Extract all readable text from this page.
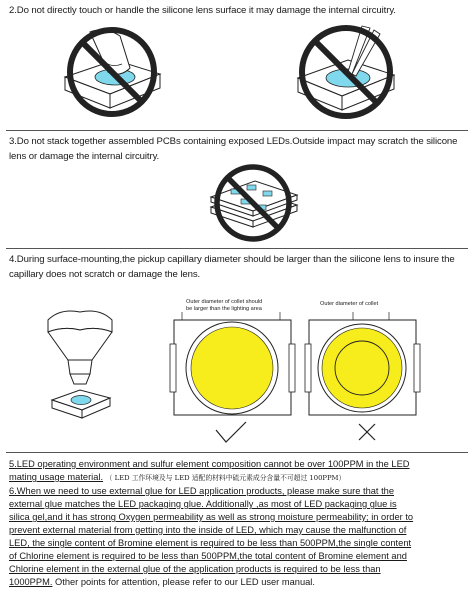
2.Do not directly touch or handle the silicone lens surface it may damage the internal circuitry.
3.Do not stack together assembled PCBs containing exposed LEDs.Outside impact may scratch the silicone
lens or damage the internal circuitry.
4.During surface-mounting,the pickup capillary diameter should be larger than the silicone lens to insure the
capillary does not scratch or damage the lens.
Outer diameter of collet should
be larger than the lighting area
Outer diameter of collet
5.LED operating environment and sulfur element composition cannot be over 100PPM in the LED
mating usage material. （ LED 工作环境及与 LED 适配的材料中硫元素成分含量不可超过 100PPM）
6.When we need to use external glue for LED application products, please make sure that the
external glue matches the LED packaging glue. Additionally ,as most of LED packaging glue is
silica gel,and it has strong Oxygen permeability as well as strong moisture permeability; in order to
prevent external material from getting into the inside of LED, which may cause the malfunction of
LED, the single content of Bromine element is required to be less than 500PPM,the single content
of Chlorine element is required to be less than 500PPM,the total content of Bromine element and
Chlorine element in the external glue of the application products is required to be less than
1000PPM. Other points for attention, please refer to our LED user manual.
